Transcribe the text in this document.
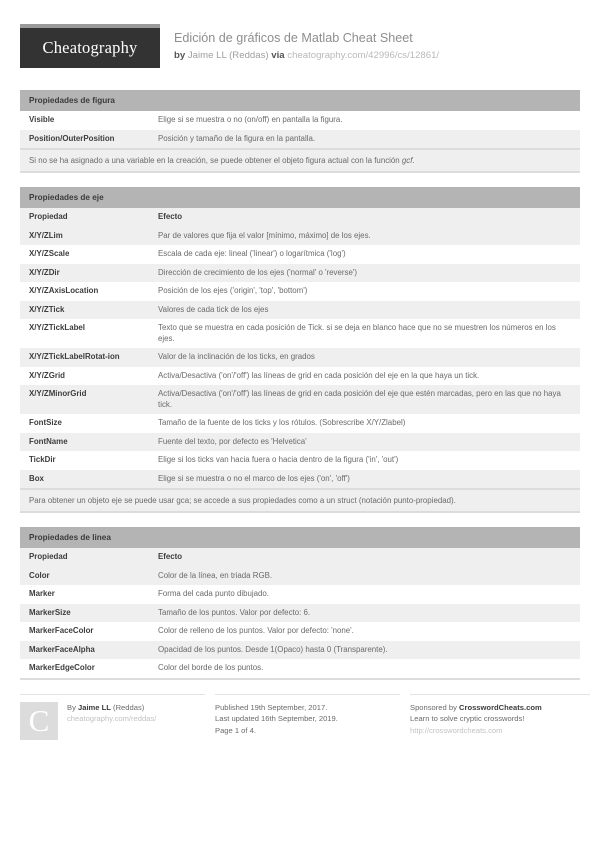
Cheatography	Edición de gráficos de Matlab Cheat Sheet
by Jaime LL (Reddas) via cheatography.com/42996/cs/12861/
Propiedades de figura
Visible	Elige si se muestra o no (on/off) en pantalla la figura.
Position/OuterPosition	Posición y tamaño de la figura en la pantalla.
Si no se ha asignado a una variable en la creación, se puede obtener el objeto figura actual con la función gcf.
Propiedades de eje
Propiedad	Efecto
X/Y/ZLim	Par de valores que fija el valor [mínimo, máximo] de los ejes.
X/Y/ZScale	Escala de cada eje: lineal ('linear') o logarítmica ('log')
X/Y/ZDir	Dirección de crecimiento de los ejes ('normal' o 'reverse')
X/Y/ZAxisLocation	Posición de los ejes ('origin', 'top', 'bottom')
X/Y/ZTick	Valores de cada tick de los ejes
X/Y/ZTickLabel	Texto que se muestra en cada posición de Tick. si se deja en blanco hace que no se muestren los números en los ejes.
X/Y/ZTickLabelRotat-ion	Valor de la inclinación de los ticks, en grados
X/Y/ZGrid	Activa/Desactiva ('on'/'off') las líneas de grid en cada posición del eje en la que haya un tick.
X/Y/ZMinorGrid	Activa/Desactiva ('on'/'off') las líneas de grid en cada posición del eje que estén marcadas, pero en las que no haya tick.
FontSize	Tamaño de la fuente de los ticks y los rótulos. (Sobrescribe X/Y/Zlabel)
FontName	Fuente del texto, por defecto es 'Helvetica'
TickDir	Elige si los ticks van hacia fuera o hacia dentro de la figura ('in', 'out')
Box	Elige si se muestra o no el marco de los ejes ('on', 'off')
Para obtener un objeto eje se puede usar gca; se accede a sus propiedades como a un struct (notación punto-propiedad).
Propiedades de linea
Propiedad	Efecto
Color	Color de la línea, en triada RGB.
Marker	Forma del cada punto dibujado.
MarkerSize	Tamaño de los puntos. Valor por defecto: 6.
MarkerFaceColor	Color de relleno de los puntos. Valor por defecto: 'none'.
MarkerFaceAlpha	Opacidad de los puntos. Desde 1(Opaco) hasta 0 (Transparente).
MarkerEdgeColor	Color del borde de los puntos.
C	By Jaime LL (Reddas)
cheatography.com/reddas/
Published 19th September, 2017.
Last updated 16th September, 2019.
Page 1 of 4.
Sponsored by CrosswordCheats.com
Learn to solve cryptic crosswords!
http://crosswordcheats.com
